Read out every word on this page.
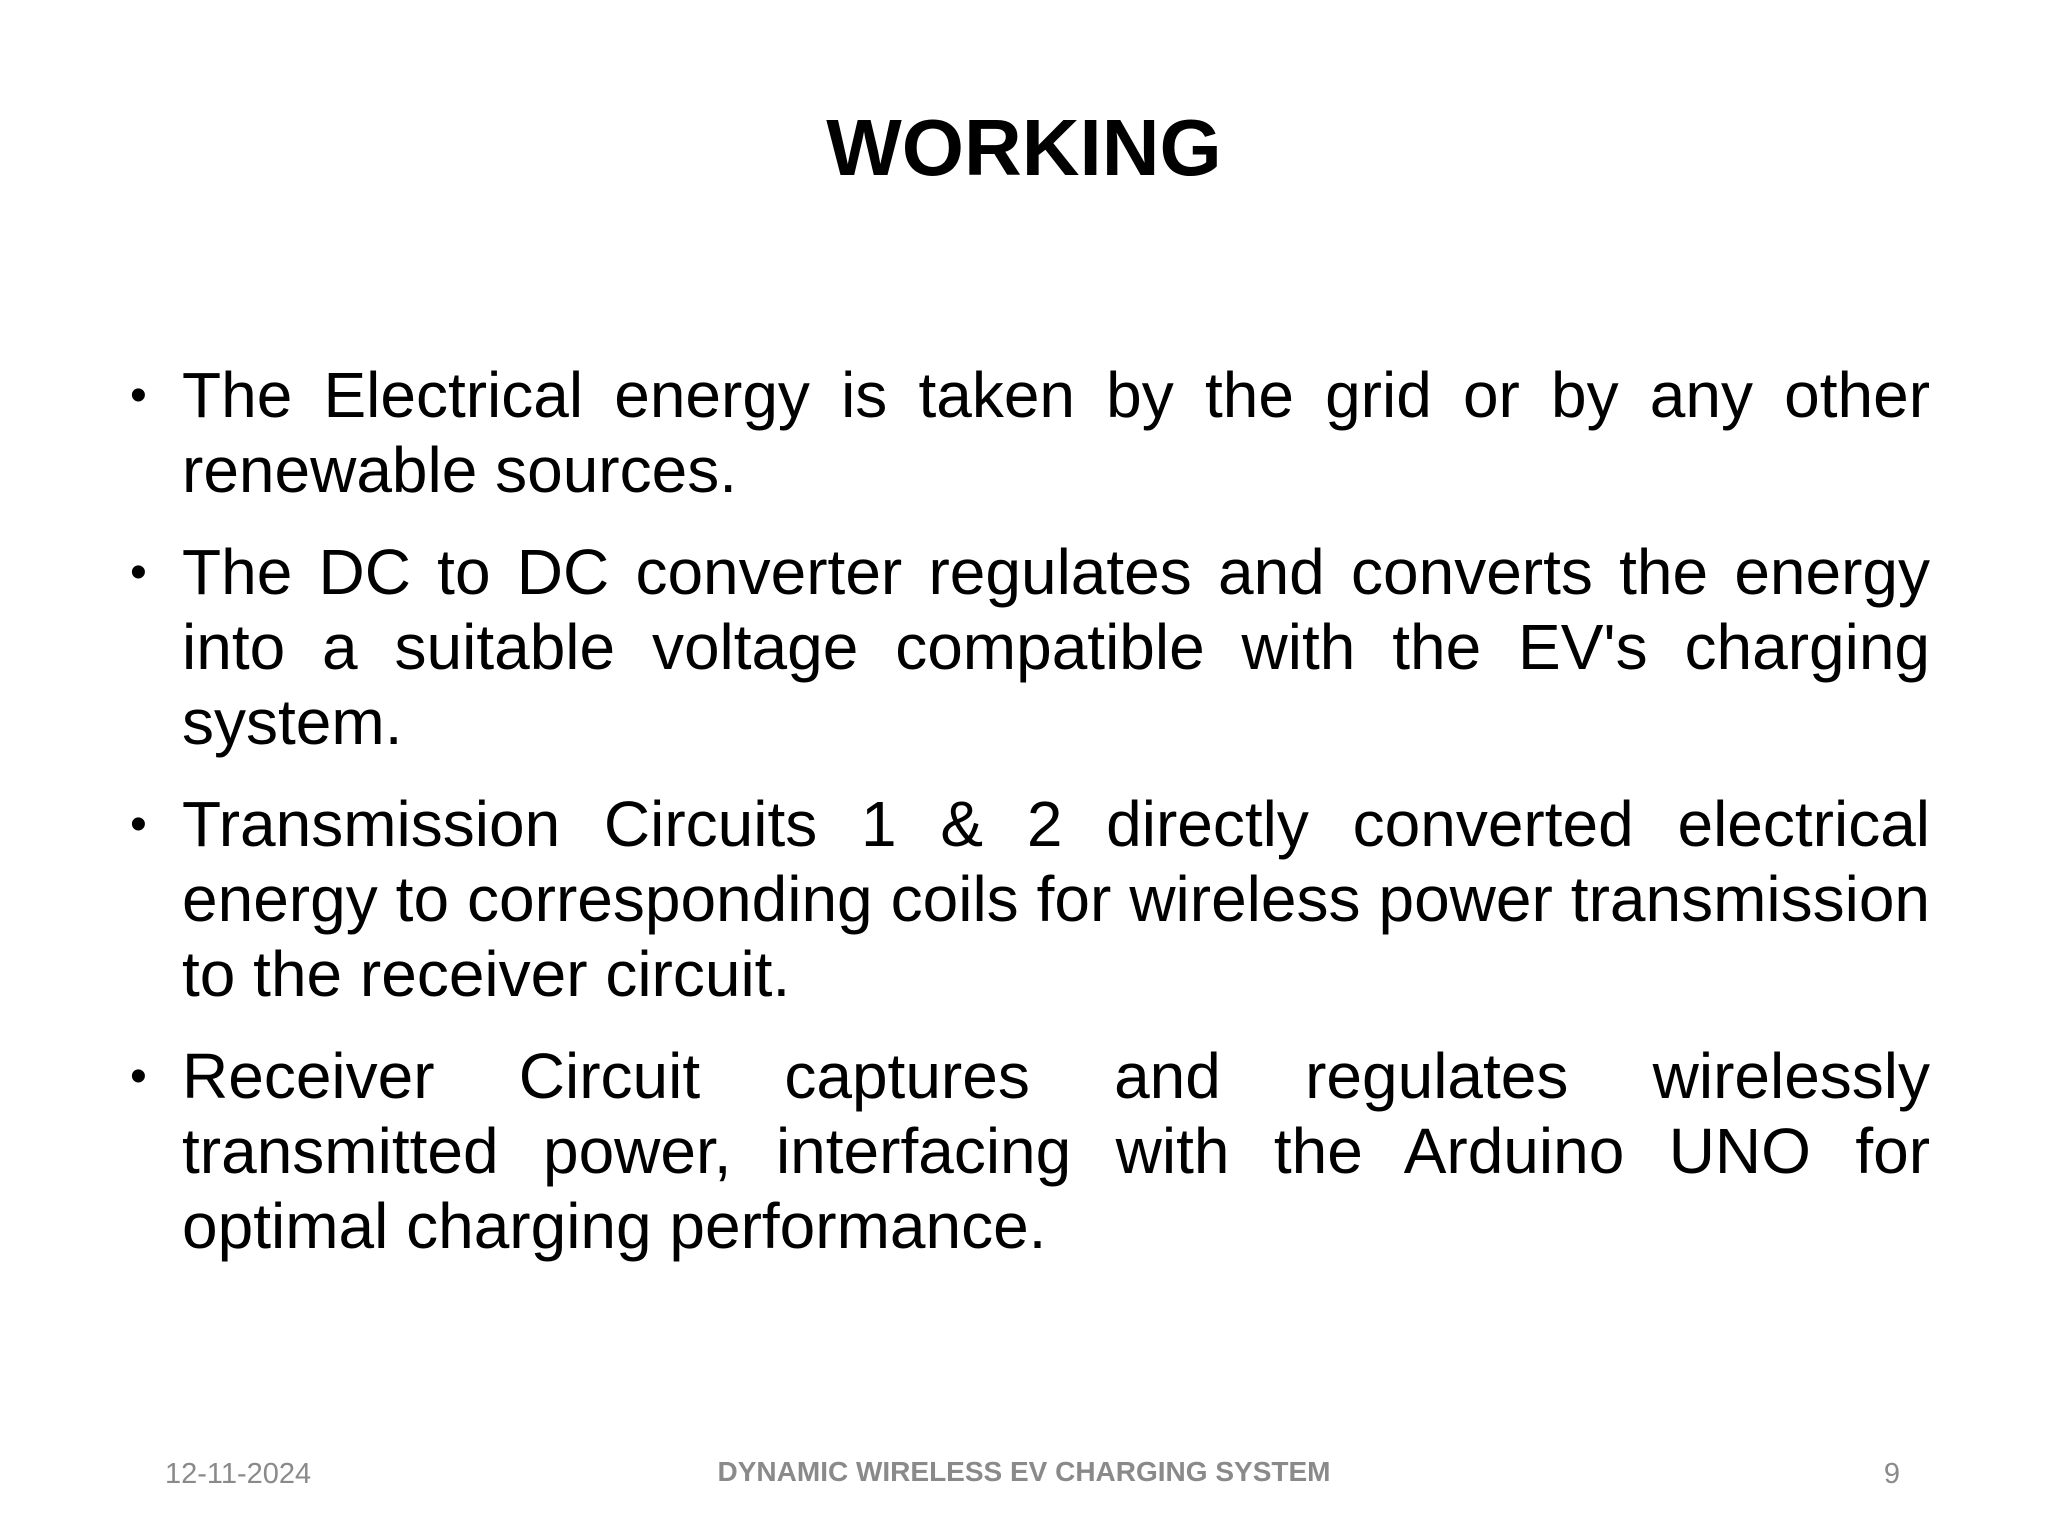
WORKING
• The Electrical energy is taken by the grid or by any other renewable sources.
• The DC to DC converter regulates and converts the energy into a suitable voltage compatible with the EV's charging system.
• Transmission Circuits 1 & 2 directly converted electrical energy to corresponding coils for wireless power transmission to the receiver circuit.
• Receiver Circuit captures and regulates wirelessly transmitted power, interfacing with the Arduino UNO for optimal charging performance.
12-11-2024	DYNAMIC WIRELESS EV CHARGING SYSTEM	9
